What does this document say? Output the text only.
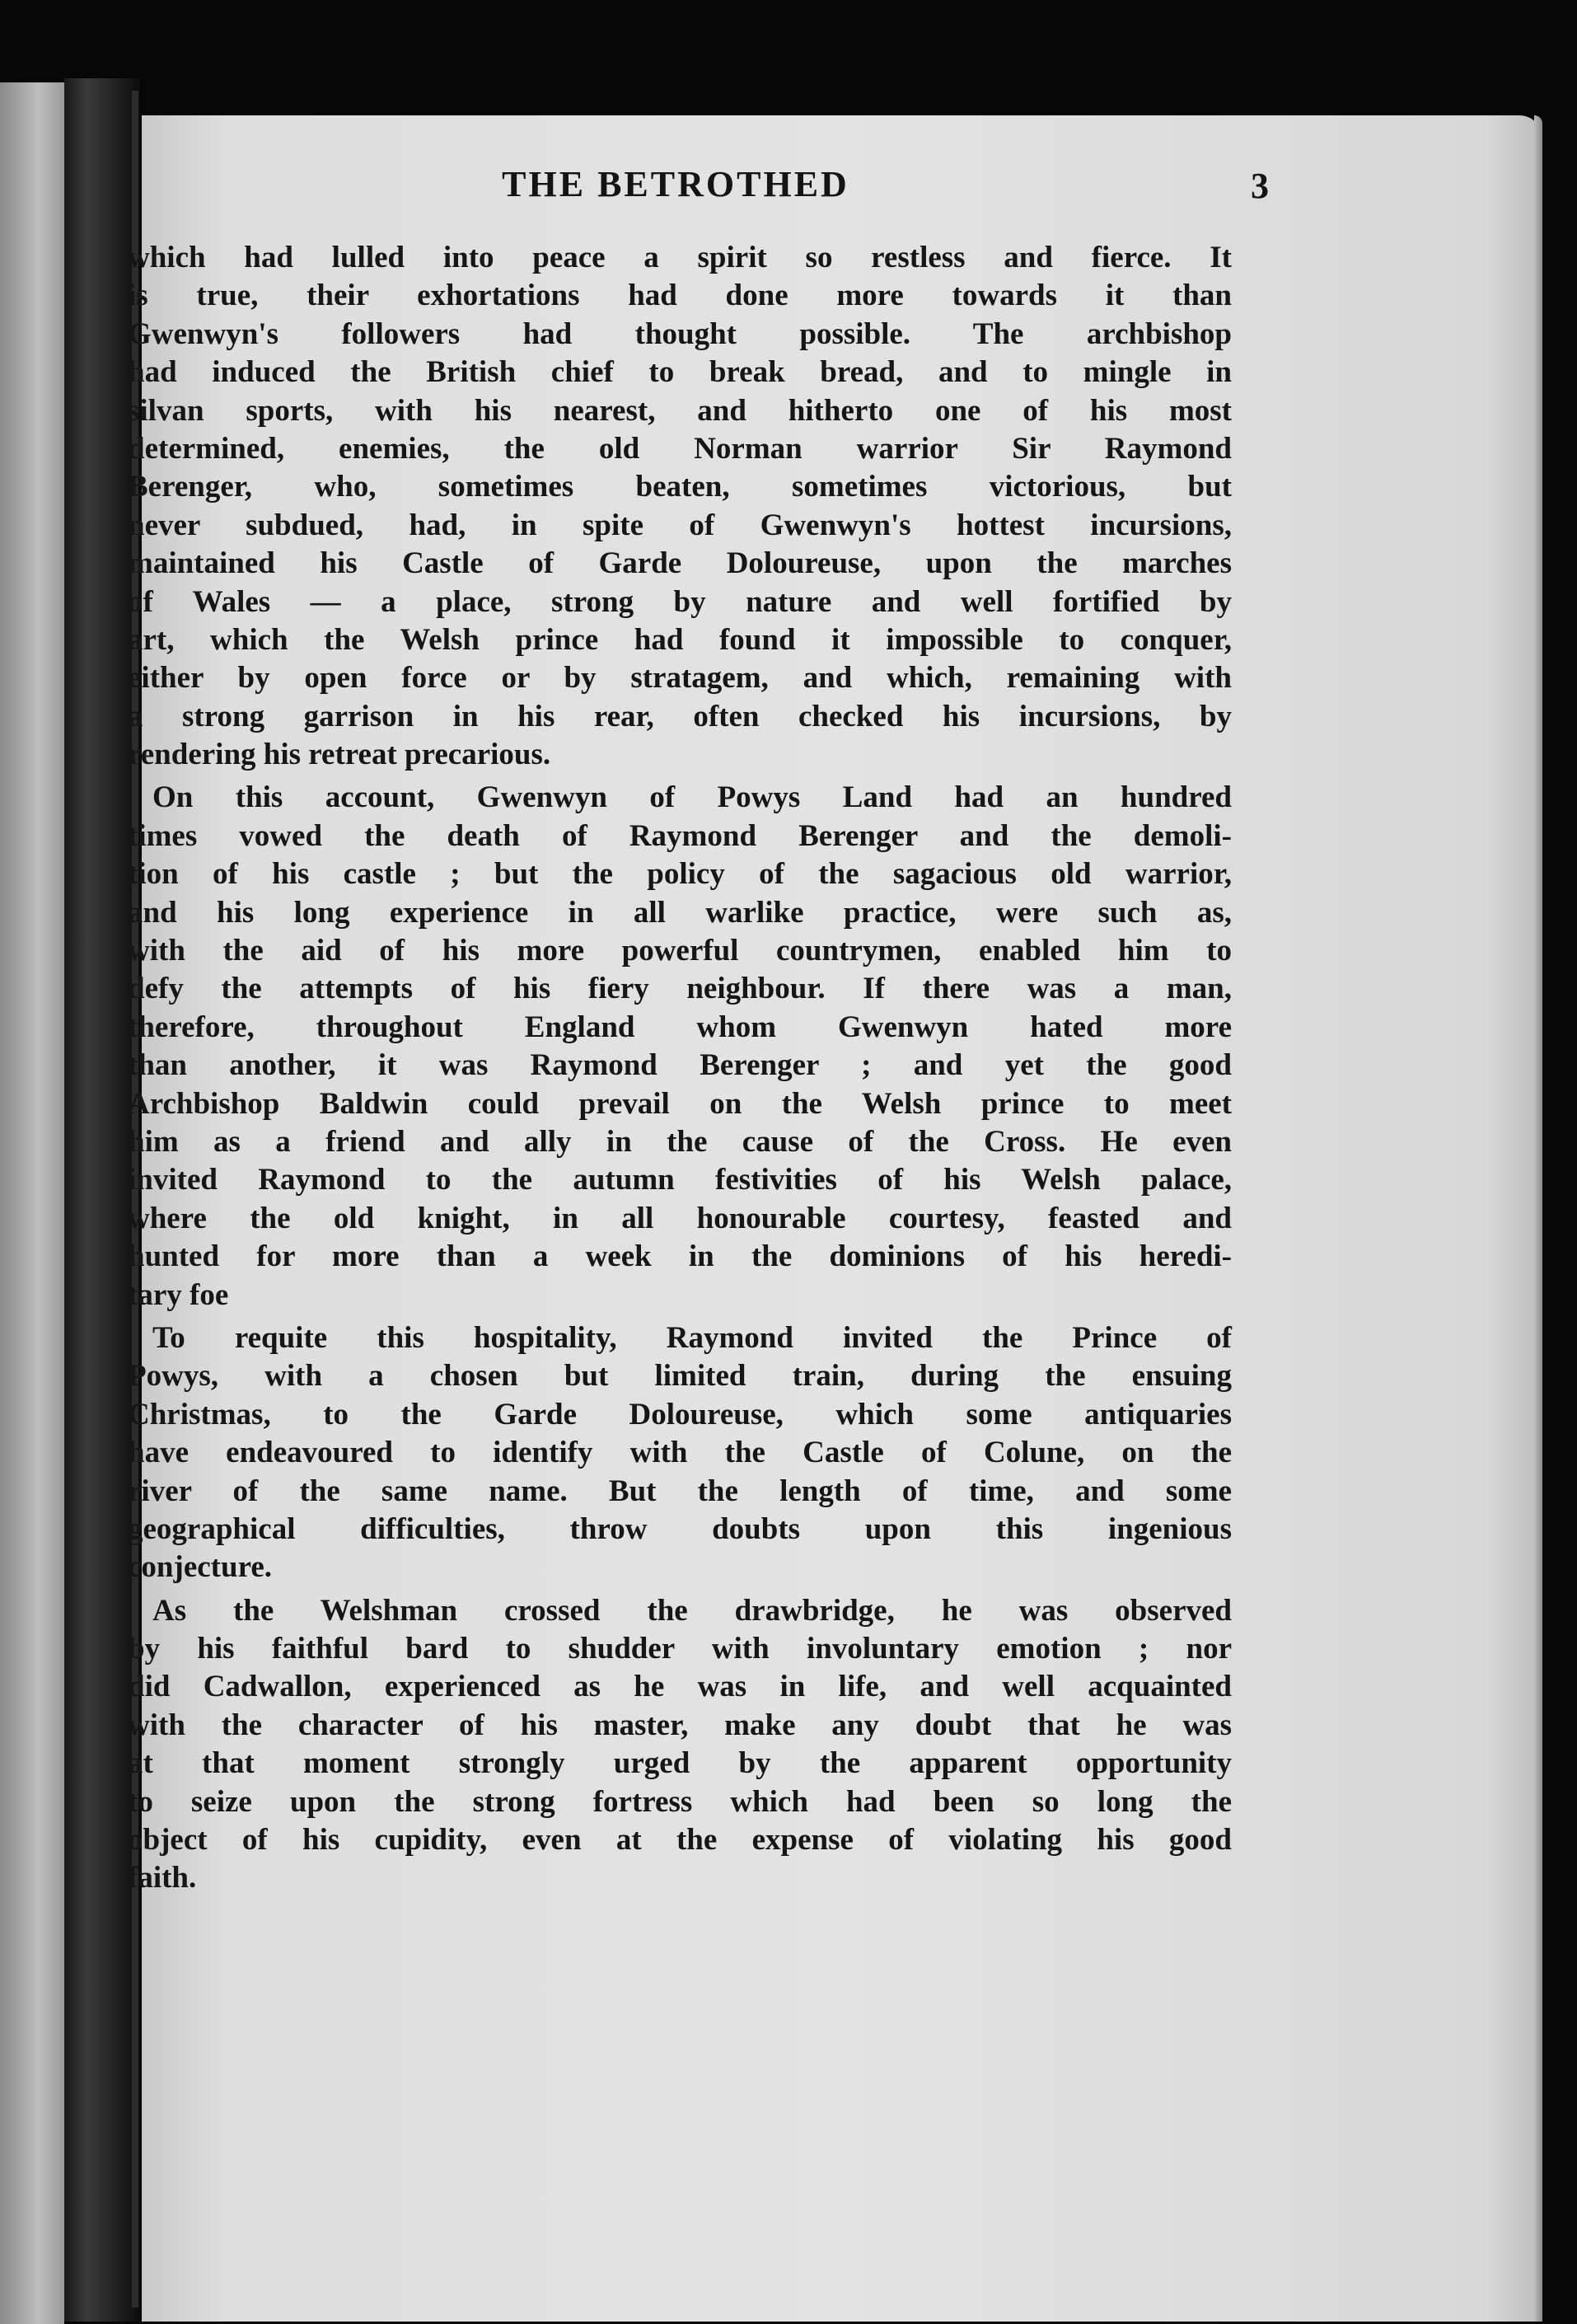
THE BETROTHED	3
which had lulled into peace a spirit so restless and fierce. It
is true, their exhortations had done more towards it than
Gwenwyn's followers had thought possible. The archbishop
had induced the British chief to break bread, and to mingle in
silvan sports, with his nearest, and hitherto one of his most
determined, enemies, the old Norman warrior Sir Raymond
Berenger, who, sometimes beaten, sometimes victorious, but
never subdued, had, in spite of Gwenwyn's hottest incursions,
maintained his Castle of Garde Doloureuse, upon the marches
of Wales — a place, strong by nature and well fortified by
art, which the Welsh prince had found it impossible to conquer,
either by open force or by stratagem, and which, remaining with
a strong garrison in his rear, often checked his incursions, by
rendering his retreat precarious.
On this account, Gwenwyn of Powys Land had an hundred
times vowed the death of Raymond Berenger and the demoli-
tion of his castle ; but the policy of the sagacious old warrior,
and his long experience in all warlike practice, were such as,
with the aid of his more powerful countrymen, enabled him to
defy the attempts of his fiery neighbour. If there was a man,
therefore, throughout England whom Gwenwyn hated more
than another, it was Raymond Berenger ; and yet the good
Archbishop Baldwin could prevail on the Welsh prince to meet
him as a friend and ally in the cause of the Cross. He even
invited Raymond to the autumn festivities of his Welsh palace,
where the old knight, in all honourable courtesy, feasted and
hunted for more than a week in the dominions of his heredi-
tary foe
To requite this hospitality, Raymond invited the Prince of
Powys, with a chosen but limited train, during the ensuing
Christmas, to the Garde Doloureuse, which some antiquaries
have endeavoured to identify with the Castle of Colune, on the
river of the same name. But the length of time, and some
geographical difficulties, throw doubts upon this ingenious
conjecture.
As the Welshman crossed the drawbridge, he was observed
by his faithful bard to shudder with involuntary emotion ; nor
did Cadwallon, experienced as he was in life, and well acquainted
with the character of his master, make any doubt that he was
at that moment strongly urged by the apparent opportunity
to seize upon the strong fortress which had been so long the
object of his cupidity, even at the expense of violating his good
faith.
